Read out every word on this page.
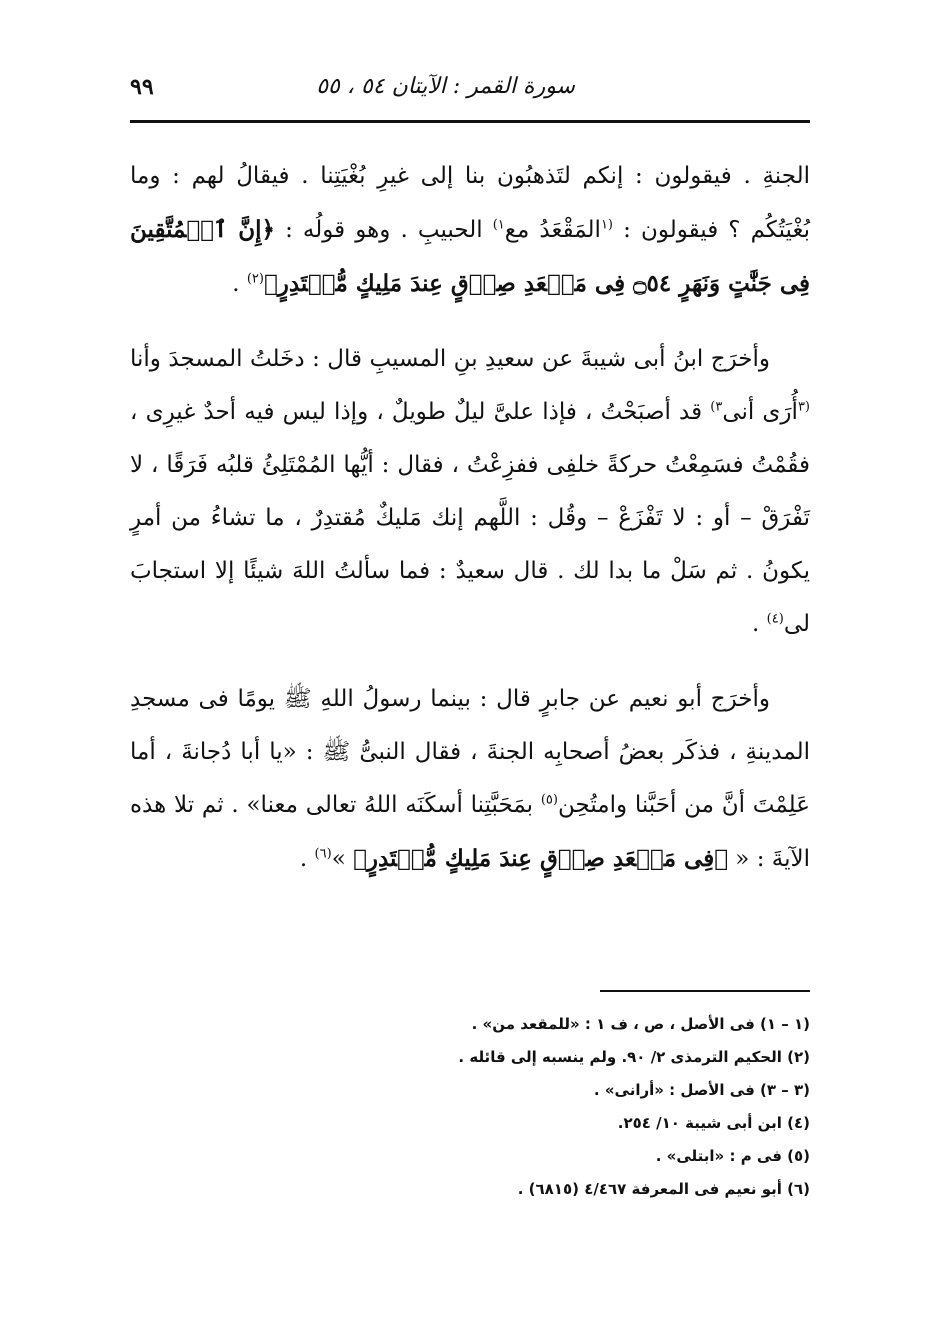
سورة القمر : الآيتان ٥٤ ، ٥٥
٩٩

الجنةِ . فيقولون : إنكم لتَذهبُون بنا إلى غيرِ بُغْيَتِنا . فيقالُ لهم : وما بُغْيَتُكُم ؟ فيقولون : $^{(١}$المَقْعَدُ مع$^{١)}$ الحبيبِ . وهو قولُه : ﴿إِنَّ ٱلۡمُتَّقِينَ فِى جَنَّٰتٍ وَنَهَرٍ ۝٥٤ فِى مَقۡعَدِ صِدۡقٍ عِندَ مَلِيكٍ مُّقۡتَدِرٍ﴾$^{(٢)}$ .

وأخرَج ابنُ أبى شيبةَ عن سعيدِ بنِ المسيبِ قال : دخَلتُ المسجدَ وأنا $^{(٣}$أُرَى أنى$^{٣)}$ قد أصبَحْتُ ، فإذا علىَّ ليلٌ طويلٌ ، وإذا ليس فيه أحدٌ غيرِى ، فقُمْتُ فسَمِعْتُ حركةً خلفِى ففزِعْتُ ، فقال : أيُّها المُمْتَلِئُ قلبُه فَرَقًا ، لا تَفْرَقْ – أو : لا تَفْزَعْ – وقُل : اللَّهم إنك مَليكٌ مُقتدِرٌ ، ما تشاءُ من أمرٍ يكونُ . ثم سَلْ ما بدا لك . قال سعيدٌ : فما سألتُ اللهَ شيئًا إلا استجابَ لى$^{(٤)}$ .

وأخرَج أبو نعيم عن جابرٍ قال : بينما رسولُ اللهِ ﷺ يومًا فى مسجدِ المدينةِ ، فذكَر بعضُ أصحابِه الجنةَ ، فقال النبىُّ ﷺ : «يا أبا دُجانةَ ، أما عَلِمْتَ أنَّ من أحَبَّنا وامتُحِن$^{(٥)}$ بمَحَبَّتِنا أسكَنَه اللهُ تعالى معنا» . ثم تلا هذه الآيةَ : « ﴿فِى مَقۡعَدِ صِدۡقٍ عِندَ مَلِيكٍ مُّقۡتَدِرٍ﴾ »$^{(٦)}$ .

(١ – ١) فى الأصل ، ص ، ف ١ : «للمقعد من» .

(٢) الحكيم الترمذى ٢/ ٩٠. ولم ينسبه إلى قائله .

(٣ – ٣) فى الأصل : «أرانى» .

(٤) ابن أبى شيبة ١٠/ ٢٥٤.

(٥) فى م : «ابتلى» .

(٦) أبو نعيم فى المعرفة ٤/٤٦٧ (٦٨١٥) .
